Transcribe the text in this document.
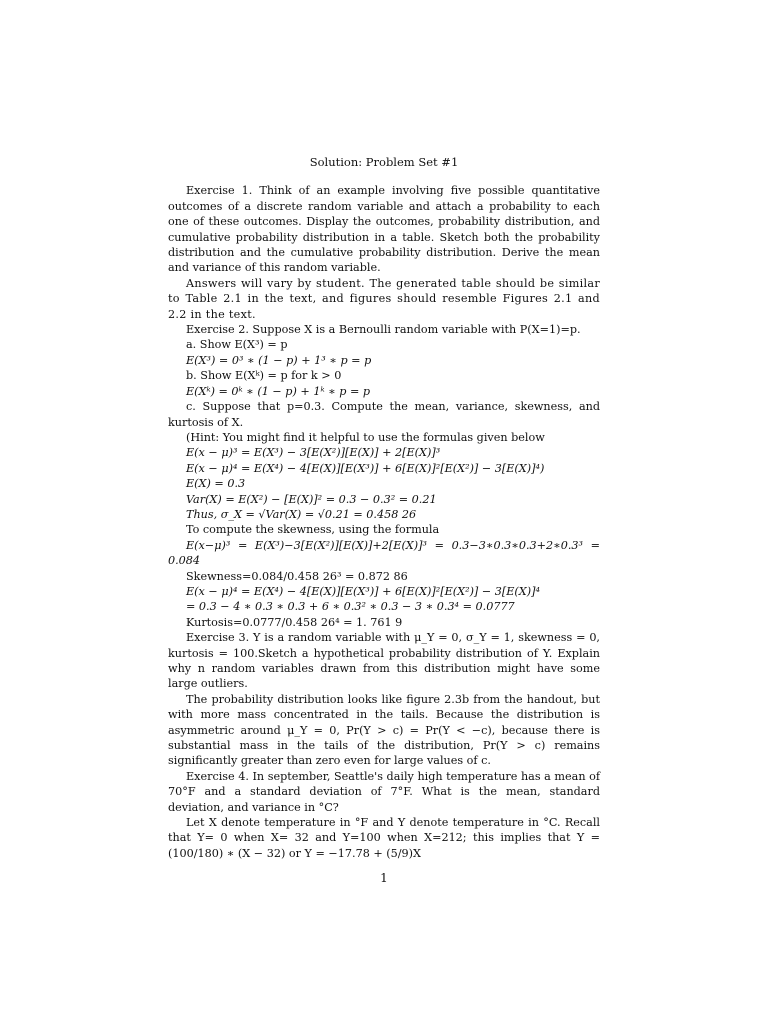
Solution: Problem Set #1

Exercise 1. Think of an example involving five possible quantitative outcomes of a discrete random variable and attach a probability to each one of these outcomes. Display the outcomes, probability distribution, and cumulative probability distribution in a table. Sketch both the probability distribution and the cumulative probability distribution. Derive the mean and variance of this random variable.

Answers will vary by student. The generated table should be similar to Table 2.1 in the text, and figures should resemble Figures 2.1 and 2.2 in the text.

Exercise 2. Suppose X is a Bernoulli random variable with P(X=1)=p.

a. Show E(X³) = p

E(X³) = 0³ ∗ (1 − p) + 1³ ∗ p = p

b. Show E(Xᵏ) = p for k > 0

E(Xᵏ) = 0ᵏ ∗ (1 − p) + 1ᵏ ∗ p = p

c. Suppose that p=0.3. Compute the mean, variance, skewness, and kurtosis of X.

(Hint: You might find it helpful to use the formulas given below

E(x − μ)³ = E(X³) − 3[E(X²)][E(X)] + 2[E(X)]³

E(x − μ)⁴ = E(X⁴) − 4[E(X)][E(X³)] + 6[E(X)]²[E(X²)] − 3[E(X)]⁴)

E(X) = 0.3

Var(X) = E(X²) − [E(X)]² = 0.3 − 0.3² = 0.21

Thus, σ_X = √Var(X) = √0.21 = 0.458 26

To compute the skewness, using the formula

E(x−μ)³ = E(X³)−3[E(X²)][E(X)]+2[E(X)]³ = 0.3−3∗0.3∗0.3+2∗0.3³ = 0.084

Skewness=0.084/0.458 26³ = 0.872 86

E(x − μ)⁴ = E(X⁴) − 4[E(X)][E(X³)] + 6[E(X)]²[E(X²)] − 3[E(X)]⁴

= 0.3 − 4 ∗ 0.3 ∗ 0.3 + 6 ∗ 0.3² ∗ 0.3 − 3 ∗ 0.3⁴ = 0.0777

Kurtosis=0.0777/0.458 26⁴ = 1. 761 9

Exercise 3. Y is a random variable with μ_Y = 0, σ_Y = 1, skewness = 0, kurtosis = 100.Sketch a hypothetical probability distribution of Y. Explain why n random variables drawn from this distribution might have some large outliers.

The probability distribution looks like figure 2.3b from the handout, but with more mass concentrated in the tails. Because the distribution is asymmetric around μ_Y = 0, Pr(Y > c) = Pr(Y < −c), because there is substantial mass in the tails of the distribution, Pr(Y > c) remains significantly greater than zero even for large values of c.

Exercise 4. In september, Seattle's daily high temperature has a mean of 70°F and a standard deviation of 7°F. What is the mean, standard deviation, and variance in °C?

Let X denote temperature in °F and Y denote temperature in °C. Recall that Y= 0 when X= 32 and Y=100 when X=212; this implies that Y = (100/180) ∗ (X − 32) or Y = −17.78 + (5/9)X

1
